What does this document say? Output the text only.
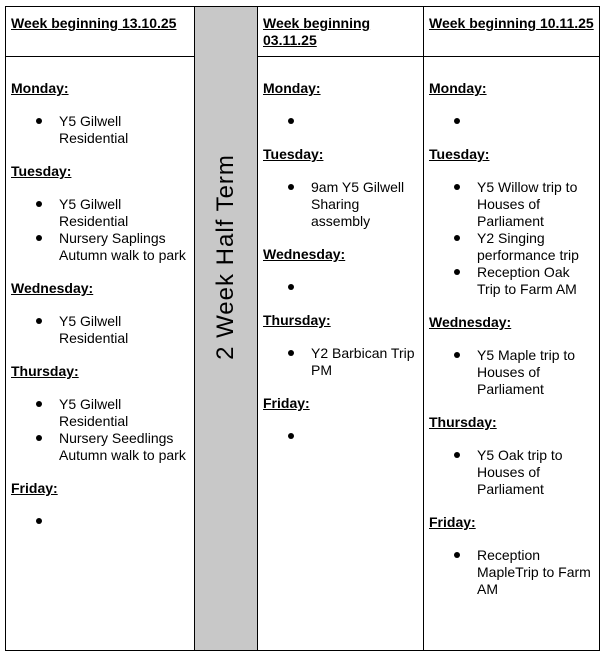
Week beginning 13.10.25
Monday:
Y5 Gilwell Residential
Tuesday:
Y5 Gilwell Residential
Nursery Saplings Autumn walk to park
Wednesday:
Y5 Gilwell Residential
Thursday:
Y5 Gilwell Residential
Nursery Seedlings Autumn walk to park
Friday:
2 Week Half Term
Week beginning 03.11.25
Monday:
Tuesday:
9am Y5 Gilwell Sharing assembly
Wednesday:
Thursday:
Y2 Barbican Trip PM
Friday:
Week beginning 10.11.25
Monday:
Tuesday:
Y5 Willow trip to Houses of Parliament
Y2 Singing performance trip
Reception Oak Trip to Farm AM
Wednesday:
Y5 Maple trip to Houses of Parliament
Thursday:
Y5 Oak trip to Houses of Parliament
Friday:
Reception MapleTrip to Farm AM
